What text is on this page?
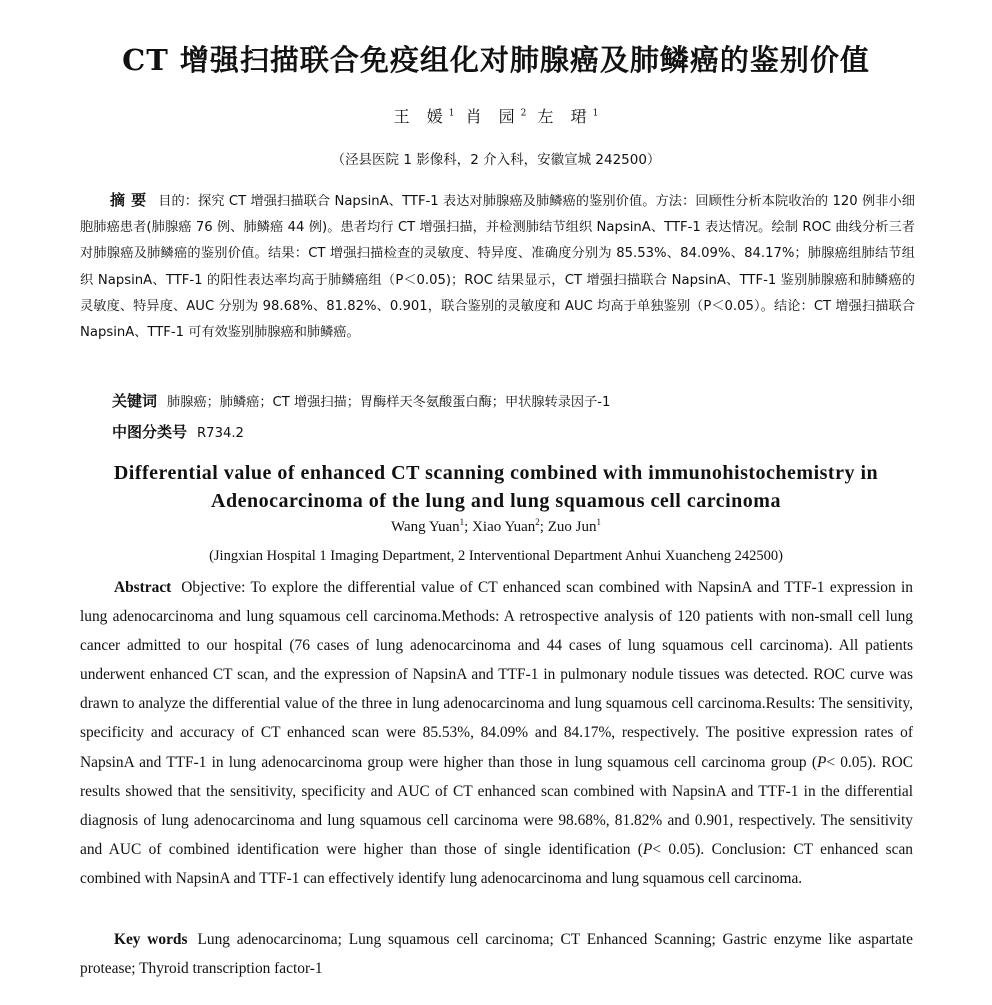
CT 增强扫描联合免疫组化对肺腺癌及肺鳞癌的鉴别价值
王 媛$^1$ 肖 园$^2$ 左 珺$^1$
（泾县医院 1 影像科，2 介入科，安徽宣城 242500）

摘要 目的：探究 CT 增强扫描联合 NapsinA、TTF-1 表达对肺腺癌及肺鳞癌的鉴别价值。方法：回顾性分析本院收治的 120 例非小细胞肺癌患者(肺腺癌 76 例、肺鳞癌 44 例)。患者均行 CT 增强扫描，并检测肺结节组织 NapsinA、TTF-1 表达情况。绘制 ROC 曲线分析三者对肺腺癌及肺鳞癌的鉴别价值。结果：CT 增强扫描检查的灵敏度、特异度、准确度分别为 85.53%、84.09%、84.17%；肺腺癌组肺结节组织 NapsinA、TTF-1 的阳性表达率均高于肺鳞癌组（P＜0.05)；ROC 结果显示，CT 增强扫描联合 NapsinA、TTF-1 鉴别肺腺癌和肺鳞癌的灵敏度、特异度、AUC 分别为 98.68%、81.82%、0.901，联合鉴别的灵敏度和 AUC 均高于单独鉴别（P＜0.05）。结论：CT 增强扫描联合 NapsinA、TTF-1 可有效鉴别肺腺癌和肺鳞癌。

关键词 肺腺癌；肺鳞癌；CT 增强扫描；胃酶样天冬氨酸蛋白酶；甲状腺转录因子-1
中图分类号 R734.2
Differential value of enhanced CT scanning combined with immunohistochemistry in
Adenocarcinoma of the lung and lung squamous cell carcinoma
Wang Yuan$^1$; Xiao Yuan$^2$; Zuo Jun$^1$
(Jingxian Hospital 1 Imaging Department, 2 Interventional Department Anhui Xuancheng 242500)

Abstract Objective: To explore the differential value of CT enhanced scan combined with NapsinA and TTF-1 expression in lung adenocarcinoma and lung squamous cell carcinoma.Methods: A retrospective analysis of 120 patients with non-small cell lung cancer admitted to our hospital (76 cases of lung adenocarcinoma and 44 cases of lung squamous cell carcinoma). All patients underwent enhanced CT scan, and the expression of NapsinA and TTF-1 in pulmonary nodule tissues was detected. ROC curve was drawn to analyze the differential value of the three in lung adenocarcinoma and lung squamous cell carcinoma.Results: The sensitivity, specificity and accuracy of CT enhanced scan were 85.53%, 84.09% and 84.17%, respectively. The positive expression rates of NapsinA and TTF-1 in lung adenocarcinoma group were higher than those in lung squamous cell carcinoma group (P< 0.05). ROC results showed that the sensitivity, specificity and AUC of CT enhanced scan combined with NapsinA and TTF-1 in the differential diagnosis of lung adenocarcinoma and lung squamous cell carcinoma were 98.68%, 81.82% and 0.901, respectively. The sensitivity and AUC of combined identification were higher than those of single identification (P< 0.05). Conclusion: CT enhanced scan combined with NapsinA and TTF-1 can effectively identify lung adenocarcinoma and lung squamous cell carcinoma.

Key words Lung adenocarcinoma; Lung squamous cell carcinoma; CT Enhanced Scanning; Gastric enzyme like aspartate protease; Thyroid transcription factor-1
